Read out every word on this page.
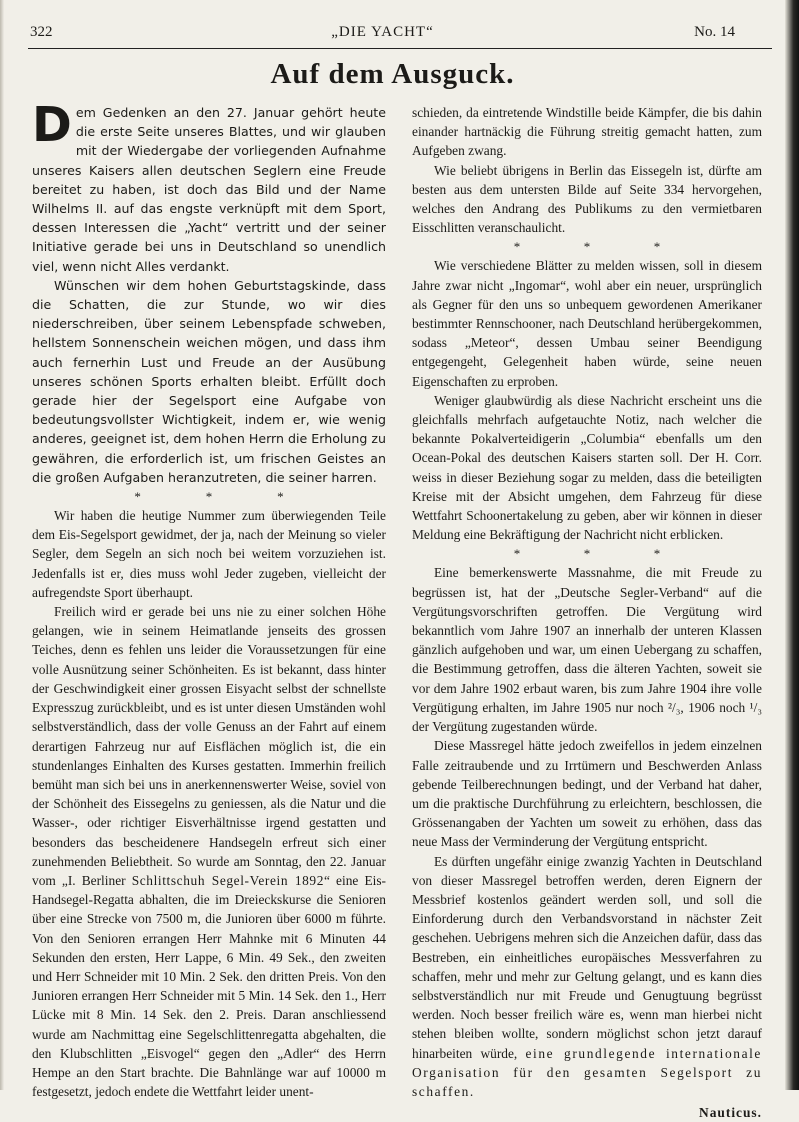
322	„DIE YACHT“	No. 14
Auf dem Ausguck.

Dem Gedenken an den 27. Januar gehört heute die erste Seite unseres Blattes, und wir glauben mit der Wiedergabe der vorliegenden Aufnahme unseres Kaisers allen deutschen Seglern eine Freude bereitet zu haben, ist doch das Bild und der Name Wilhelms II. auf das engste verknüpft mit dem Sport, dessen Interessen die „Yacht“ vertritt und der seiner Initiative gerade bei uns in Deutschland so unendlich viel, wenn nicht Alles verdankt.

Wünschen wir dem hohen Geburtstagskinde, dass die Schatten, die zur Stunde, wo wir dies niederschreiben, über seinem Lebenspfade schweben, hellstem Sonnenschein weichen mögen, und dass ihm auch fernerhin Lust und Freude an der Ausübung unseres schönen Sports erhalten bleibt. Erfüllt doch gerade hier der Segelsport eine Aufgabe von bedeutungsvollster Wichtigkeit, indem er, wie wenig anderes, geeignet ist, dem hohen Herrn die Erholung zu gewähren, die erforderlich ist, um frischen Geistes an die großen Aufgaben heranzutreten, die seiner harren.

*	*	*

Wir haben die heutige Nummer zum überwiegenden Teile dem Eis-Segelsport gewidmet, der ja, nach der Meinung so vieler Segler, dem Segeln an sich noch bei weitem vorzuziehen ist. Jedenfalls ist er, dies muss wohl Jeder zugeben, vielleicht der aufregendste Sport überhaupt.

Freilich wird er gerade bei uns nie zu einer solchen Höhe gelangen, wie in seinem Heimatlande jenseits des grossen Teiches, denn es fehlen uns leider die Voraussetzungen für eine volle Ausnützung seiner Schönheiten. Es ist bekannt, dass hinter der Geschwindigkeit einer grossen Eisyacht selbst der schnellste Expresszug zurückbleibt, und es ist unter diesen Umständen wohl selbstverständlich, dass der volle Genuss an der Fahrt auf einem derartigen Fahrzeug nur auf Eisflächen möglich ist, die ein stundenlanges Einhalten des Kurses gestatten. Immerhin freilich bemüht man sich bei uns in anerkennenswerter Weise, soviel von der Schönheit des Eissegelns zu geniessen, als die Natur und die Wasser-, oder richtiger Eisverhältnisse irgend gestatten und besonders das bescheidenere Handsegeln erfreut sich einer zunehmenden Beliebtheit. So wurde am Sonntag, den 22. Januar vom „I. Berliner Schlittschuh Segel-Verein 1892“ eine Eis-Handsegel-Regatta abhalten, die im Dreieckskurse die Senioren über eine Strecke von 7500 m, die Junioren über 6000 m führte. Von den Senioren errangen Herr Mahnke mit 6 Minuten 44 Sekunden den ersten, Herr Lappe, 6 Min. 49 Sek., den zweiten und Herr Schneider mit 10 Min. 2 Sek. den dritten Preis. Von den Junioren errangen Herr Schneider mit 5 Min. 14 Sek. den 1., Herr Lücke mit 8 Min. 14 Sek. den 2. Preis. Daran anschliessend wurde am Nachmittag eine Segelschlittenregatta abgehalten, die den Klubschlitten „Eisvogel“ gegen den „Adler“ des Herrn Hempe an den Start brachte. Die Bahnlänge war auf 10000 m festgesetzt, jedoch endete die Wettfahrt leider unent-

schieden, da eintretende Windstille beide Kämpfer, die bis dahin einander hartnäckig die Führung streitig gemacht hatten, zum Aufgeben zwang.

Wie beliebt übrigens in Berlin das Eissegeln ist, dürfte am besten aus dem untersten Bilde auf Seite 334 hervorgehen, welches den Andrang des Publikums zu den vermietbaren Eisschlitten veranschaulicht.

*	*	*

Wie verschiedene Blätter zu melden wissen, soll in diesem Jahre zwar nicht „Ingomar“, wohl aber ein neuer, ursprünglich als Gegner für den uns so unbequem gewordenen Amerikaner bestimmter Rennschooner, nach Deutschland herübergekommen, sodass „Meteor“, dessen Umbau seiner Beendigung entgegengeht, Gelegenheit haben würde, seine neuen Eigenschaften zu erproben.

Weniger glaubwürdig als diese Nachricht erscheint uns die gleichfalls mehrfach aufgetauchte Notiz, nach welcher die bekannte Pokalverteidigerin „Columbia“ ebenfalls um den Ocean-Pokal des deutschen Kaisers starten soll. Der H. Corr. weiss in dieser Beziehung sogar zu melden, dass die beteiligten Kreise mit der Absicht umgehen, dem Fahrzeug für diese Wettfahrt Schoonertakelung zu geben, aber wir können in dieser Meldung eine Bekräftigung der Nachricht nicht erblicken.

*	*	*

Eine bemerkenswerte Massnahme, die mit Freude zu begrüssen ist, hat der „Deutsche Segler-Verband“ auf die Vergütungsvorschriften getroffen. Die Vergütung wird bekanntlich vom Jahre 1907 an innerhalb der unteren Klassen gänzlich aufgehoben und war, um einen Uebergang zu schaffen, die Bestimmung getroffen, dass die älteren Yachten, soweit sie vor dem Jahre 1902 erbaut waren, bis zum Jahre 1904 ihre volle Vergütigung erhalten, im Jahre 1905 nur noch ²/₃, 1906 noch ¹/₃ der Vergütung zugestanden würde.

Diese Massregel hätte jedoch zweifellos in jedem einzelnen Falle zeitraubende und zu Irrtümern und Beschwerden Anlass gebende Teilberechnungen bedingt, und der Verband hat daher, um die praktische Durchführung zu erleichtern, beschlossen, die Grössenangaben der Yachten um soweit zu erhöhen, dass das neue Mass der Verminderung der Vergütung entspricht.

Es dürften ungefähr einige zwanzig Yachten in Deutschland von dieser Massregel betroffen werden, deren Eignern der Messbrief kostenlos geändert werden soll, und soll die Einforderung durch den Verbandsvorstand in nächster Zeit geschehen. Uebrigens mehren sich die Anzeichen dafür, dass das Bestreben, ein einheitliches europäisches Messverfahren zu schaffen, mehr und mehr zur Geltung gelangt, und es kann dies selbstverständlich nur mit Freude und Genugtuung begrüsst werden. Noch besser freilich wäre es, wenn man hierbei nicht stehen bleiben wollte, sondern möglichst schon jetzt darauf hinarbeiten würde, eine grundlegende internationale Organisation für den gesamten Segelsport zu schaffen.

Nauticus.
